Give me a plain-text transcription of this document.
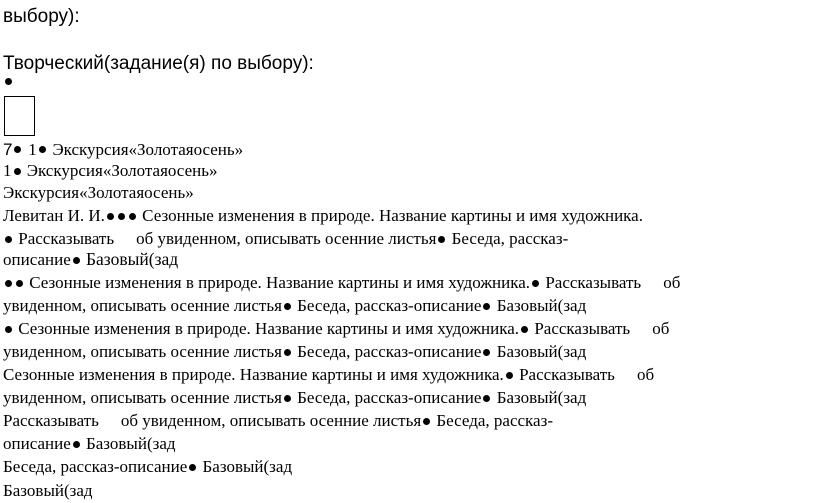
выбору):
Творческий(задание(я) по выбору):
7 1 Экскурсия«Золотаяосень»
1 Экскурсия«Золотаяосень»
Экскурсия«Золотаяосень»
Левитан И. И. Сезонные изменения в природе. Название картины и имя художника.
Рассказывать об увиденном, описывать осенние листья Беседа, рассказ-
описание Базовый(зад
Сезонные изменения в природе. Название картины и имя художника. Рассказывать об
увиденном, описывать осенние листья Беседа, рассказ-описание Базовый(зад
Сезонные изменения в природе. Название картины и имя художника. Рассказывать об
увиденном, описывать осенние листья Беседа, рассказ-описание Базовый(зад
Сезонные изменения в природе. Название картины и имя художника. Рассказывать об
увиденном, описывать осенние листья Беседа, рассказ-описание Базовый(зад
Рассказывать об увиденном, описывать осенние листья Беседа, рассказ-
описание Базовый(зад
Беседа, рассказ-описание Базовый(зад
Базовый(зад
